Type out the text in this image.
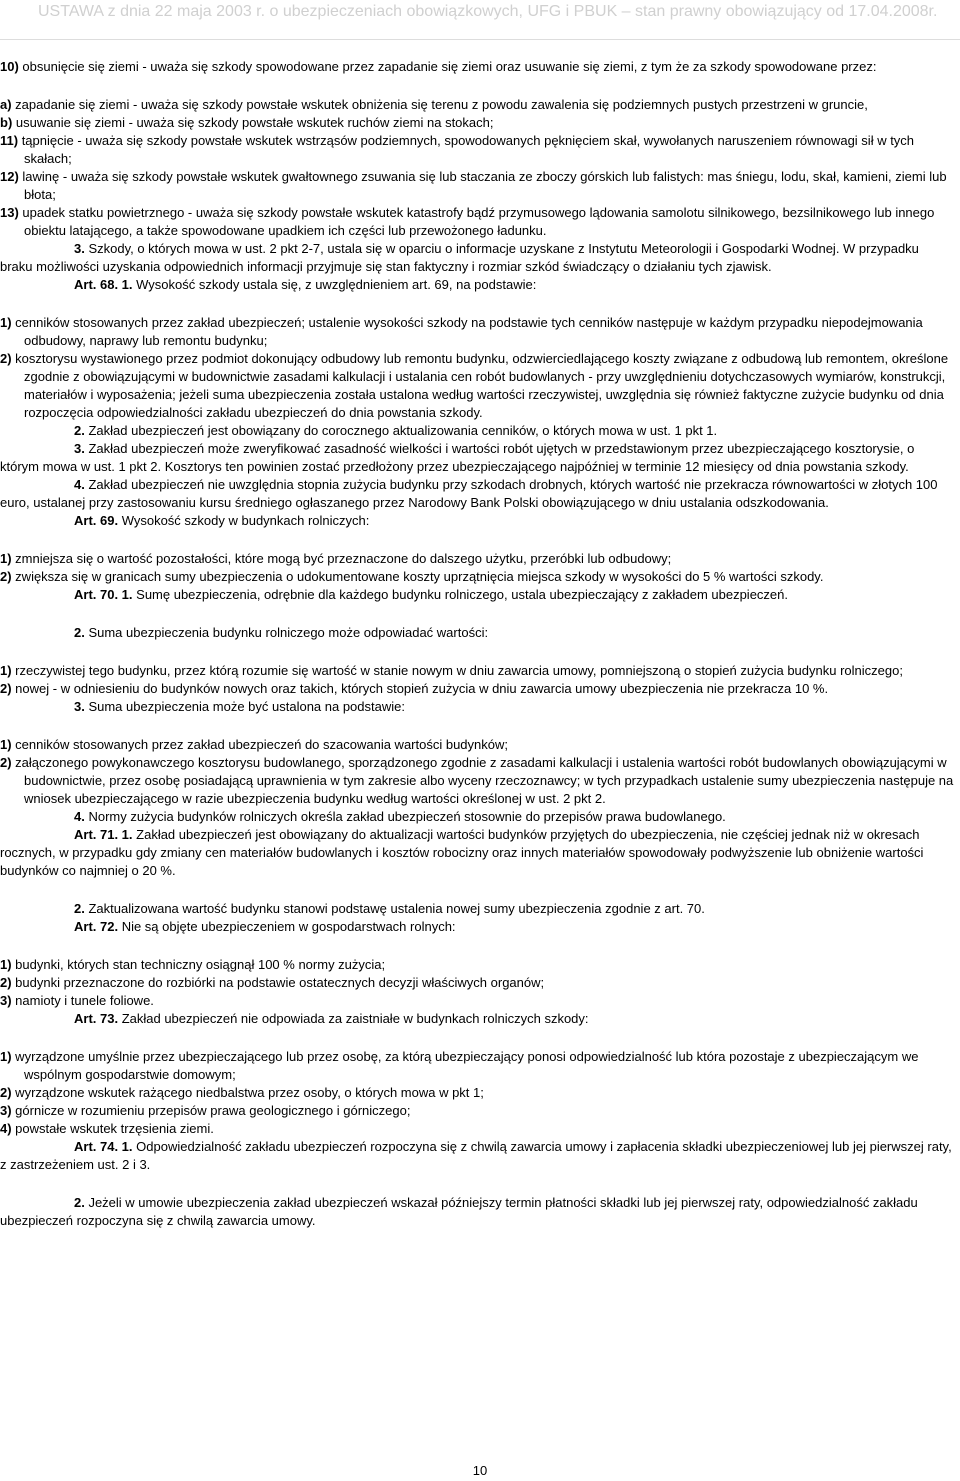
USTAWA z dnia 22 maja 2003 r. o ubezpieczeniach obowiązkowych, UFG i PBUK – stan prawny obowiązujący od 17.04.2008r.
10) obsunięcie się ziemi - uważa się szkody spowodowane przez zapadanie się ziemi oraz usuwanie się ziemi, z tym że za szkody spowodowane przez:
a) zapadanie się ziemi - uważa się szkody powstałe wskutek obniżenia się terenu z powodu zawalenia się podziemnych pustych przestrzeni w gruncie,
b) usuwanie się ziemi - uważa się szkody powstałe wskutek ruchów ziemi na stokach;
11) tąpnięcie - uważa się szkody powstałe wskutek wstrząsów podziemnych, spowodowanych pęknięciem skał, wywołanych naruszeniem równowagi sił w tych skałach;
12) lawinę - uważa się szkody powstałe wskutek gwałtownego zsuwania się lub staczania ze zboczy górskich lub falistych: mas śniegu, lodu, skał, kamieni, ziemi lub błota;
13) upadek statku powietrznego - uważa się szkody powstałe wskutek katastrofy bądź przymusowego lądowania samolotu silnikowego, bezsilnikowego lub innego obiektu latającego, a także spowodowane upadkiem ich części lub przewożonego ładunku.
3. Szkody, o których mowa w ust. 2 pkt 2-7, ustala się w oparciu o informacje uzyskane z Instytutu Meteorologii i Gospodarki Wodnej. W przypadku braku możliwości uzyskania odpowiednich informacji przyjmuje się stan faktyczny i rozmiar szkód świadczący o działaniu tych zjawisk.
Art. 68. 1. Wysokość szkody ustala się, z uwzględnieniem art. 69, na podstawie:
1) cenników stosowanych przez zakład ubezpieczeń; ustalenie wysokości szkody na podstawie tych cenników następuje w każdym przypadku niepodejmowania odbudowy, naprawy lub remontu budynku;
2) kosztorysu wystawionego przez podmiot dokonujący odbudowy lub remontu budynku, odzwierciedlającego koszty związane z odbudową lub remontem, określone zgodnie z obowiązującymi w budownictwie zasadami kalkulacji i ustalania cen robót budowlanych - przy uwzględnieniu dotychczasowych wymiarów, konstrukcji, materiałów i wyposażenia; jeżeli suma ubezpieczenia została ustalona według wartości rzeczywistej, uwzględnia się również faktyczne zużycie budynku od dnia rozpoczęcia odpowiedzialności zakładu ubezpieczeń do dnia powstania szkody.
2. Zakład ubezpieczeń jest obowiązany do corocznego aktualizowania cenników, o których mowa w ust. 1 pkt 1.
3. Zakład ubezpieczeń może zweryfikować zasadność wielkości i wartości robót ujętych w przedstawionym przez ubezpieczającego kosztorysie, o którym mowa w ust. 1 pkt 2. Kosztorys ten powinien zostać przedłożony przez ubezpieczającego najpóźniej w terminie 12 miesięcy od dnia powstania szkody.
4. Zakład ubezpieczeń nie uwzględnia stopnia zużycia budynku przy szkodach drobnych, których wartość nie przekracza równowartości w złotych 100 euro, ustalanej przy zastosowaniu kursu średniego ogłaszanego przez Narodowy Bank Polski obowiązującego w dniu ustalania odszkodowania.
Art. 69. Wysokość szkody w budynkach rolniczych:
1) zmniejsza się o wartość pozostałości, które mogą być przeznaczone do dalszego użytku, przeróbki lub odbudowy;
2) zwiększa się w granicach sumy ubezpieczenia o udokumentowane koszty uprzątnięcia miejsca szkody w wysokości do 5 % wartości szkody.
Art. 70. 1. Sumę ubezpieczenia, odrębnie dla każdego budynku rolniczego, ustala ubezpieczający z zakładem ubezpieczeń.
2. Suma ubezpieczenia budynku rolniczego może odpowiadać wartości:
1) rzeczywistej tego budynku, przez którą rozumie się wartość w stanie nowym w dniu zawarcia umowy, pomniejszoną o stopień zużycia budynku rolniczego;
2) nowej - w odniesieniu do budynków nowych oraz takich, których stopień zużycia w dniu zawarcia umowy ubezpieczenia nie przekracza 10 %.
3. Suma ubezpieczenia może być ustalona na podstawie:
1) cenników stosowanych przez zakład ubezpieczeń do szacowania wartości budynków;
2) załączonego powykonawczego kosztorysu budowlanego, sporządzonego zgodnie z zasadami kalkulacji i ustalenia wartości robót budowlanych obowiązującymi w budownictwie, przez osobę posiadającą uprawnienia w tym zakresie albo wyceny rzeczoznawcy; w tych przypadkach ustalenie sumy ubezpieczenia następuje na wniosek ubezpieczającego w razie ubezpieczenia budynku według wartości określonej w ust. 2 pkt 2.
4. Normy zużycia budynków rolniczych określa zakład ubezpieczeń stosownie do przepisów prawa budowlanego.
Art. 71. 1. Zakład ubezpieczeń jest obowiązany do aktualizacji wartości budynków przyjętych do ubezpieczenia, nie częściej jednak niż w okresach rocznych, w przypadku gdy zmiany cen materiałów budowlanych i kosztów robocizny oraz innych materiałów spowodowały podwyższenie lub obniżenie wartości budynków co najmniej o 20 %.
2. Zaktualizowana wartość budynku stanowi podstawę ustalenia nowej sumy ubezpieczenia zgodnie z art. 70.
Art. 72. Nie są objęte ubezpieczeniem w gospodarstwach rolnych:
1) budynki, których stan techniczny osiągnął 100 % normy zużycia;
2) budynki przeznaczone do rozbiórki na podstawie ostatecznych decyzji właściwych organów;
3) namioty i tunele foliowe.
Art. 73. Zakład ubezpieczeń nie odpowiada za zaistniałe w budynkach rolniczych szkody:
1) wyrządzone umyślnie przez ubezpieczającego lub przez osobę, za którą ubezpieczający ponosi odpowiedzialność lub która pozostaje z ubezpieczającym we wspólnym gospodarstwie domowym;
2) wyrządzone wskutek rażącego niedbalstwa przez osoby, o których mowa w pkt 1;
3) górnicze w rozumieniu przepisów prawa geologicznego i górniczego;
4) powstałe wskutek trzęsienia ziemi.
Art. 74. 1. Odpowiedzialność zakładu ubezpieczeń rozpoczyna się z chwilą zawarcia umowy i zapłacenia składki ubezpieczeniowej lub jej pierwszej raty, z zastrzeżeniem ust. 2 i 3.
2. Jeżeli w umowie ubezpieczenia zakład ubezpieczeń wskazał późniejszy termin płatności składki lub jej pierwszej raty, odpowiedzialność zakładu ubezpieczeń rozpoczyna się z chwilą zawarcia umowy.
10
